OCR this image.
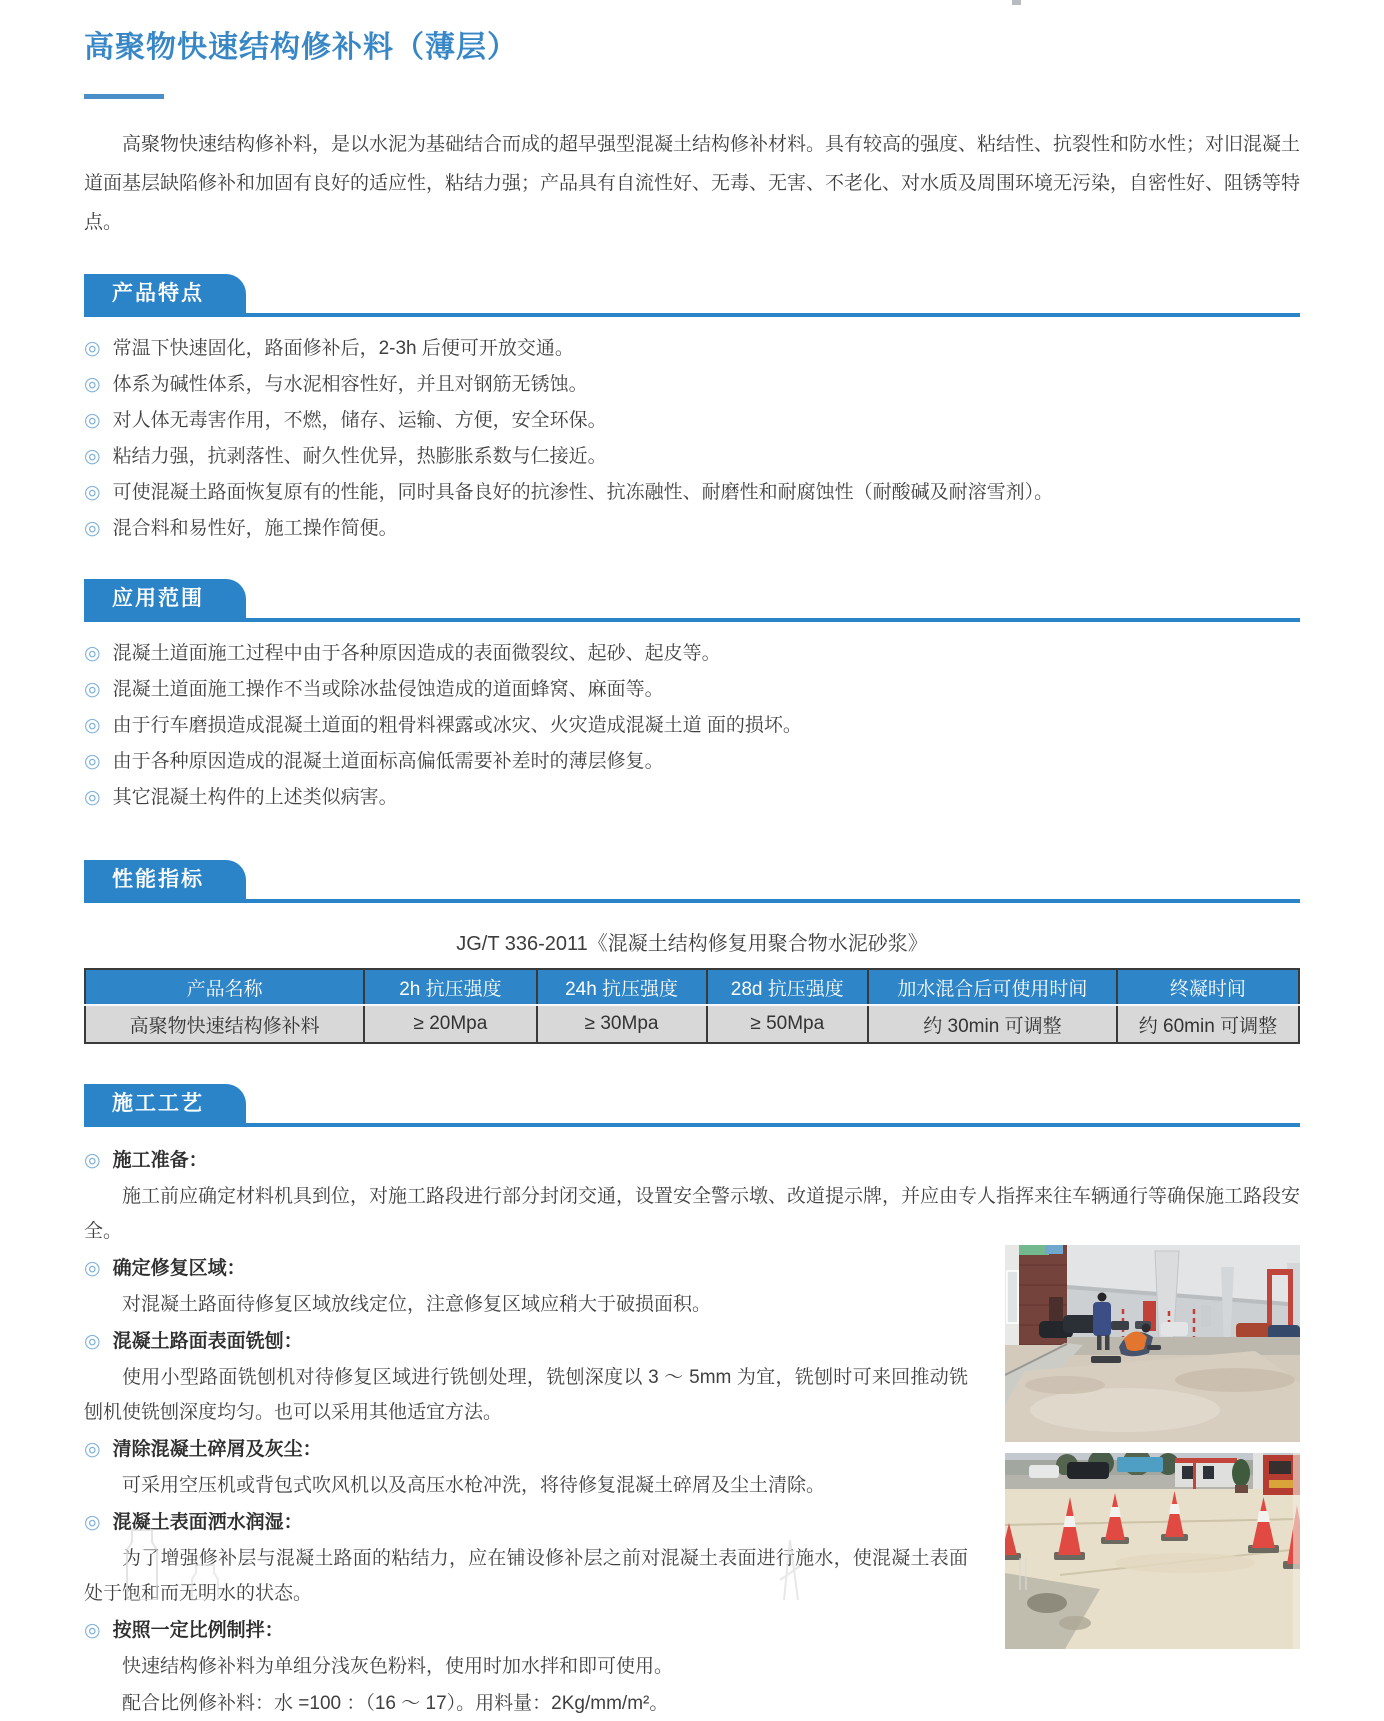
高聚物快速结构修补料（薄层）

高聚物快速结构修补料，是以水泥为基础结合而成的超早强型混凝土结构修补材料。具有较高的强度、粘结性、抗裂性和防水性；对旧混凝土道面基层缺陷修补和加固有良好的适应性，粘结力强；产品具有自流性好、无毒、无害、不老化、对水质及周围环境无污染，自密性好、阻锈等特点。

产品特点
◎ 常温下快速固化，路面修补后，2-3h 后便可开放交通。
◎ 体系为碱性体系，与水泥相容性好，并且对钢筋无锈蚀。
◎ 对人体无毒害作用，不燃，储存、运输、方便，安全环保。
◎ 粘结力强，抗剥落性、耐久性优异，热膨胀系数与仁接近。
◎ 可使混凝土路面恢复原有的性能，同时具备良好的抗渗性、抗冻融性、耐磨性和耐腐蚀性（耐酸碱及耐溶雪剂）。
◎ 混合料和易性好，施工操作简便。
应用范围
◎ 混凝土道面施工过程中由于各种原因造成的表面微裂纹、起砂、起皮等。
◎ 混凝土道面施工操作不当或除冰盐侵蚀造成的道面蜂窝、麻面等。
◎ 由于行车磨损造成混凝土道面的粗骨料裸露或冰灾、火灾造成混凝土道 面的损坏。
◎ 由于各种原因造成的混凝土道面标高偏低需要补差时的薄层修复。
◎ 其它混凝土构件的上述类似病害。
性能指标
JG/T 336-2011《混凝土结构修复用聚合物水泥砂浆》
产品名称	2h 抗压强度	24h 抗压强度	28d 抗压强度	加水混合后可使用时间	终凝时间
高聚物快速结构修补料	≥ 20Mpa	≥ 30Mpa	≥ 50Mpa	约 30min 可调整	约 60min 可调整
施工工艺
◎ 施工准备：

施工前应确定材料机具到位，对施工路段进行部分封闭交通，设置安全警示墩、改道提示牌，并应由专人指挥来往车辆通行等确保施工路段安全。

◎ 确定修复区域：

对混凝土路面待修复区域放线定位，注意修复区域应稍大于破损面积。

◎ 混凝土路面表面铣刨：

使用小型路面铣刨机对待修复区域进行铣刨处理，铣刨深度以 3 ～ 5mm 为宜，铣刨时可来回推动铣刨机使铣刨深度均匀。也可以采用其他适宜方法。

◎ 清除混凝土碎屑及灰尘：

可采用空压机或背包式吹风机以及高压水枪冲洗，将待修复混凝土碎屑及尘土清除。

◎ 混凝土表面洒水润湿：

为了增强修补层与混凝土路面的粘结力，应在铺设修补层之前对混凝土表面进行施水，使混凝土表面处于饱和而无明水的状态。

◎ 按照一定比例制拌：

快速结构修补料为单组分浅灰色粉料，使用时加水拌和即可使用。

配合比例修补料：水 =100 ：（16 ～ 17）。用料量：2Kg/mm/m²。
